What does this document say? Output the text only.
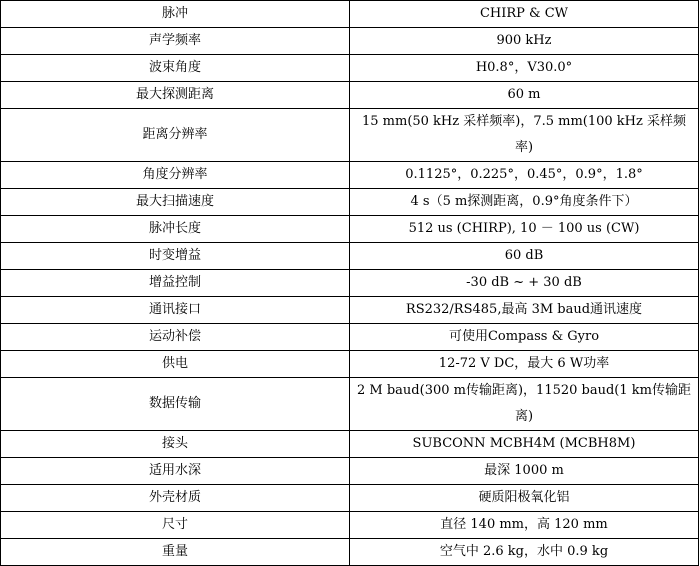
脉冲	CHIRP & CW
声学频率	900 kHz
波束角度	H0.8°，V30.0°
最大探测距离	60 m
距离分辨率	15 mm(50 kHz 采样频率)，7.5 mm(100 kHz 采样频率)
角度分辨率	0.1125°，0.225°，0.45°，0.9°，1.8°
最大扫描速度	4 s（5 m探测距离，0.9°角度条件下）
脉冲长度	512 us (CHIRP), 10 － 100 us (CW)
时变增益	60 dB
增益控制	-30 dB ~ + 30 dB
通讯接口	RS232/RS485,最高 3M baud通讯速度
运动补偿	可使用Compass & Gyro
供电	12-72 V DC，最大 6 W功率
数据传输	2 M baud(300 m传输距离)，11520 baud(1 km传输距离)
接头	SUBCONN MCBH4M (MCBH8M)
适用水深	最深 1000 m
外壳材质	硬质阳极氧化铝
尺寸	直径 140 mm，高 120 mm
重量	空气中 2.6 kg，水中 0.9 kg
